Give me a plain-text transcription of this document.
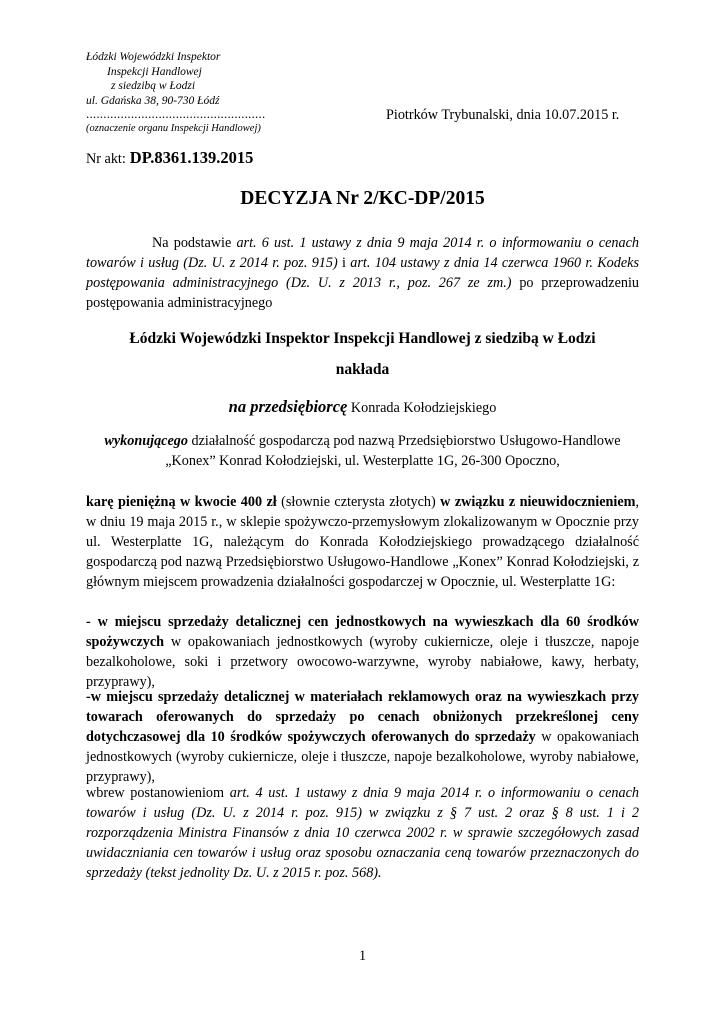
Łódzki Wojewódzki Inspektor
Inspekcji Handlowej
z siedzibą w Łodzi
ul. Gdańska 38, 90-730 Łódź
....................................................
(oznaczenie organu Inspekcji Handlowej)
Piotrków Trybunalski, dnia 10.07.2015 r.
Nr akt: DP.8361.139.2015
DECYZJA Nr 2/KC-DP/2015
Na podstawie art. 6 ust. 1 ustawy z dnia 9 maja 2014 r. o informowaniu o cenach towarów i usług (Dz. U. z 2014 r. poz. 915) i art. 104 ustawy z dnia 14 czerwca 1960 r. Kodeks postępowania administracyjnego (Dz. U. z 2013 r., poz. 267 ze zm.) po przeprowadzeniu postępowania administracyjnego
Łódzki Wojewódzki Inspektor Inspekcji Handlowej z siedzibą w Łodzi
nakłada
na przedsiębiorcę Konrada Kołodziejskiego
wykonującego działalność gospodarczą pod nazwą Przedsiębiorstwo Usługowo-Handlowe
„Konex” Konrad Kołodziejski, ul. Westerplatte 1G, 26-300 Opoczno,
karę pieniężną w kwocie 400 zł (słownie czterysta złotych) w związku z nieuwidocznieniem, w dniu 19 maja 2015 r., w sklepie spożywczo-przemysłowym zlokalizowanym w Opocznie przy ul. Westerplatte 1G, należącym do Konrada Kołodziejskiego prowadzącego działalność gospodarczą pod nazwą Przedsiębiorstwo Usługowo-Handlowe „Konex” Konrad Kołodziejski, z głównym miejscem prowadzenia działalności gospodarczej w Opocznie, ul. Westerplatte 1G:
- w miejscu sprzedaży detalicznej cen jednostkowych na wywieszkach dla 60 środków spożywczych w opakowaniach jednostkowych (wyroby cukiernicze, oleje i tłuszcze, napoje bezalkoholowe, soki i przetwory owocowo-warzywne, wyroby nabiałowe, kawy, herbaty, przyprawy),
-w miejscu sprzedaży detalicznej w materiałach reklamowych oraz na wywieszkach przy towarach oferowanych do sprzedaży po cenach obniżonych przekreślonej ceny dotychczasowej dla 10 środków spożywczych oferowanych do sprzedaży w opakowaniach jednostkowych (wyroby cukiernicze, oleje i tłuszcze, napoje bezalkoholowe, wyroby nabiałowe, przyprawy),
wbrew postanowieniom art. 4 ust. 1 ustawy z dnia 9 maja 2014 r. o informowaniu o cenach towarów i usług (Dz. U. z 2014 r. poz. 915) w związku z § 7 ust. 2 oraz § 8 ust. 1 i 2 rozporządzenia Ministra Finansów z dnia 10 czerwca 2002 r. w sprawie szczegółowych zasad uwidaczniania cen towarów i usług oraz sposobu oznaczania ceną towarów przeznaczonych do sprzedaży (tekst jednolity Dz. U. z 2015 r. poz. 568).
1
